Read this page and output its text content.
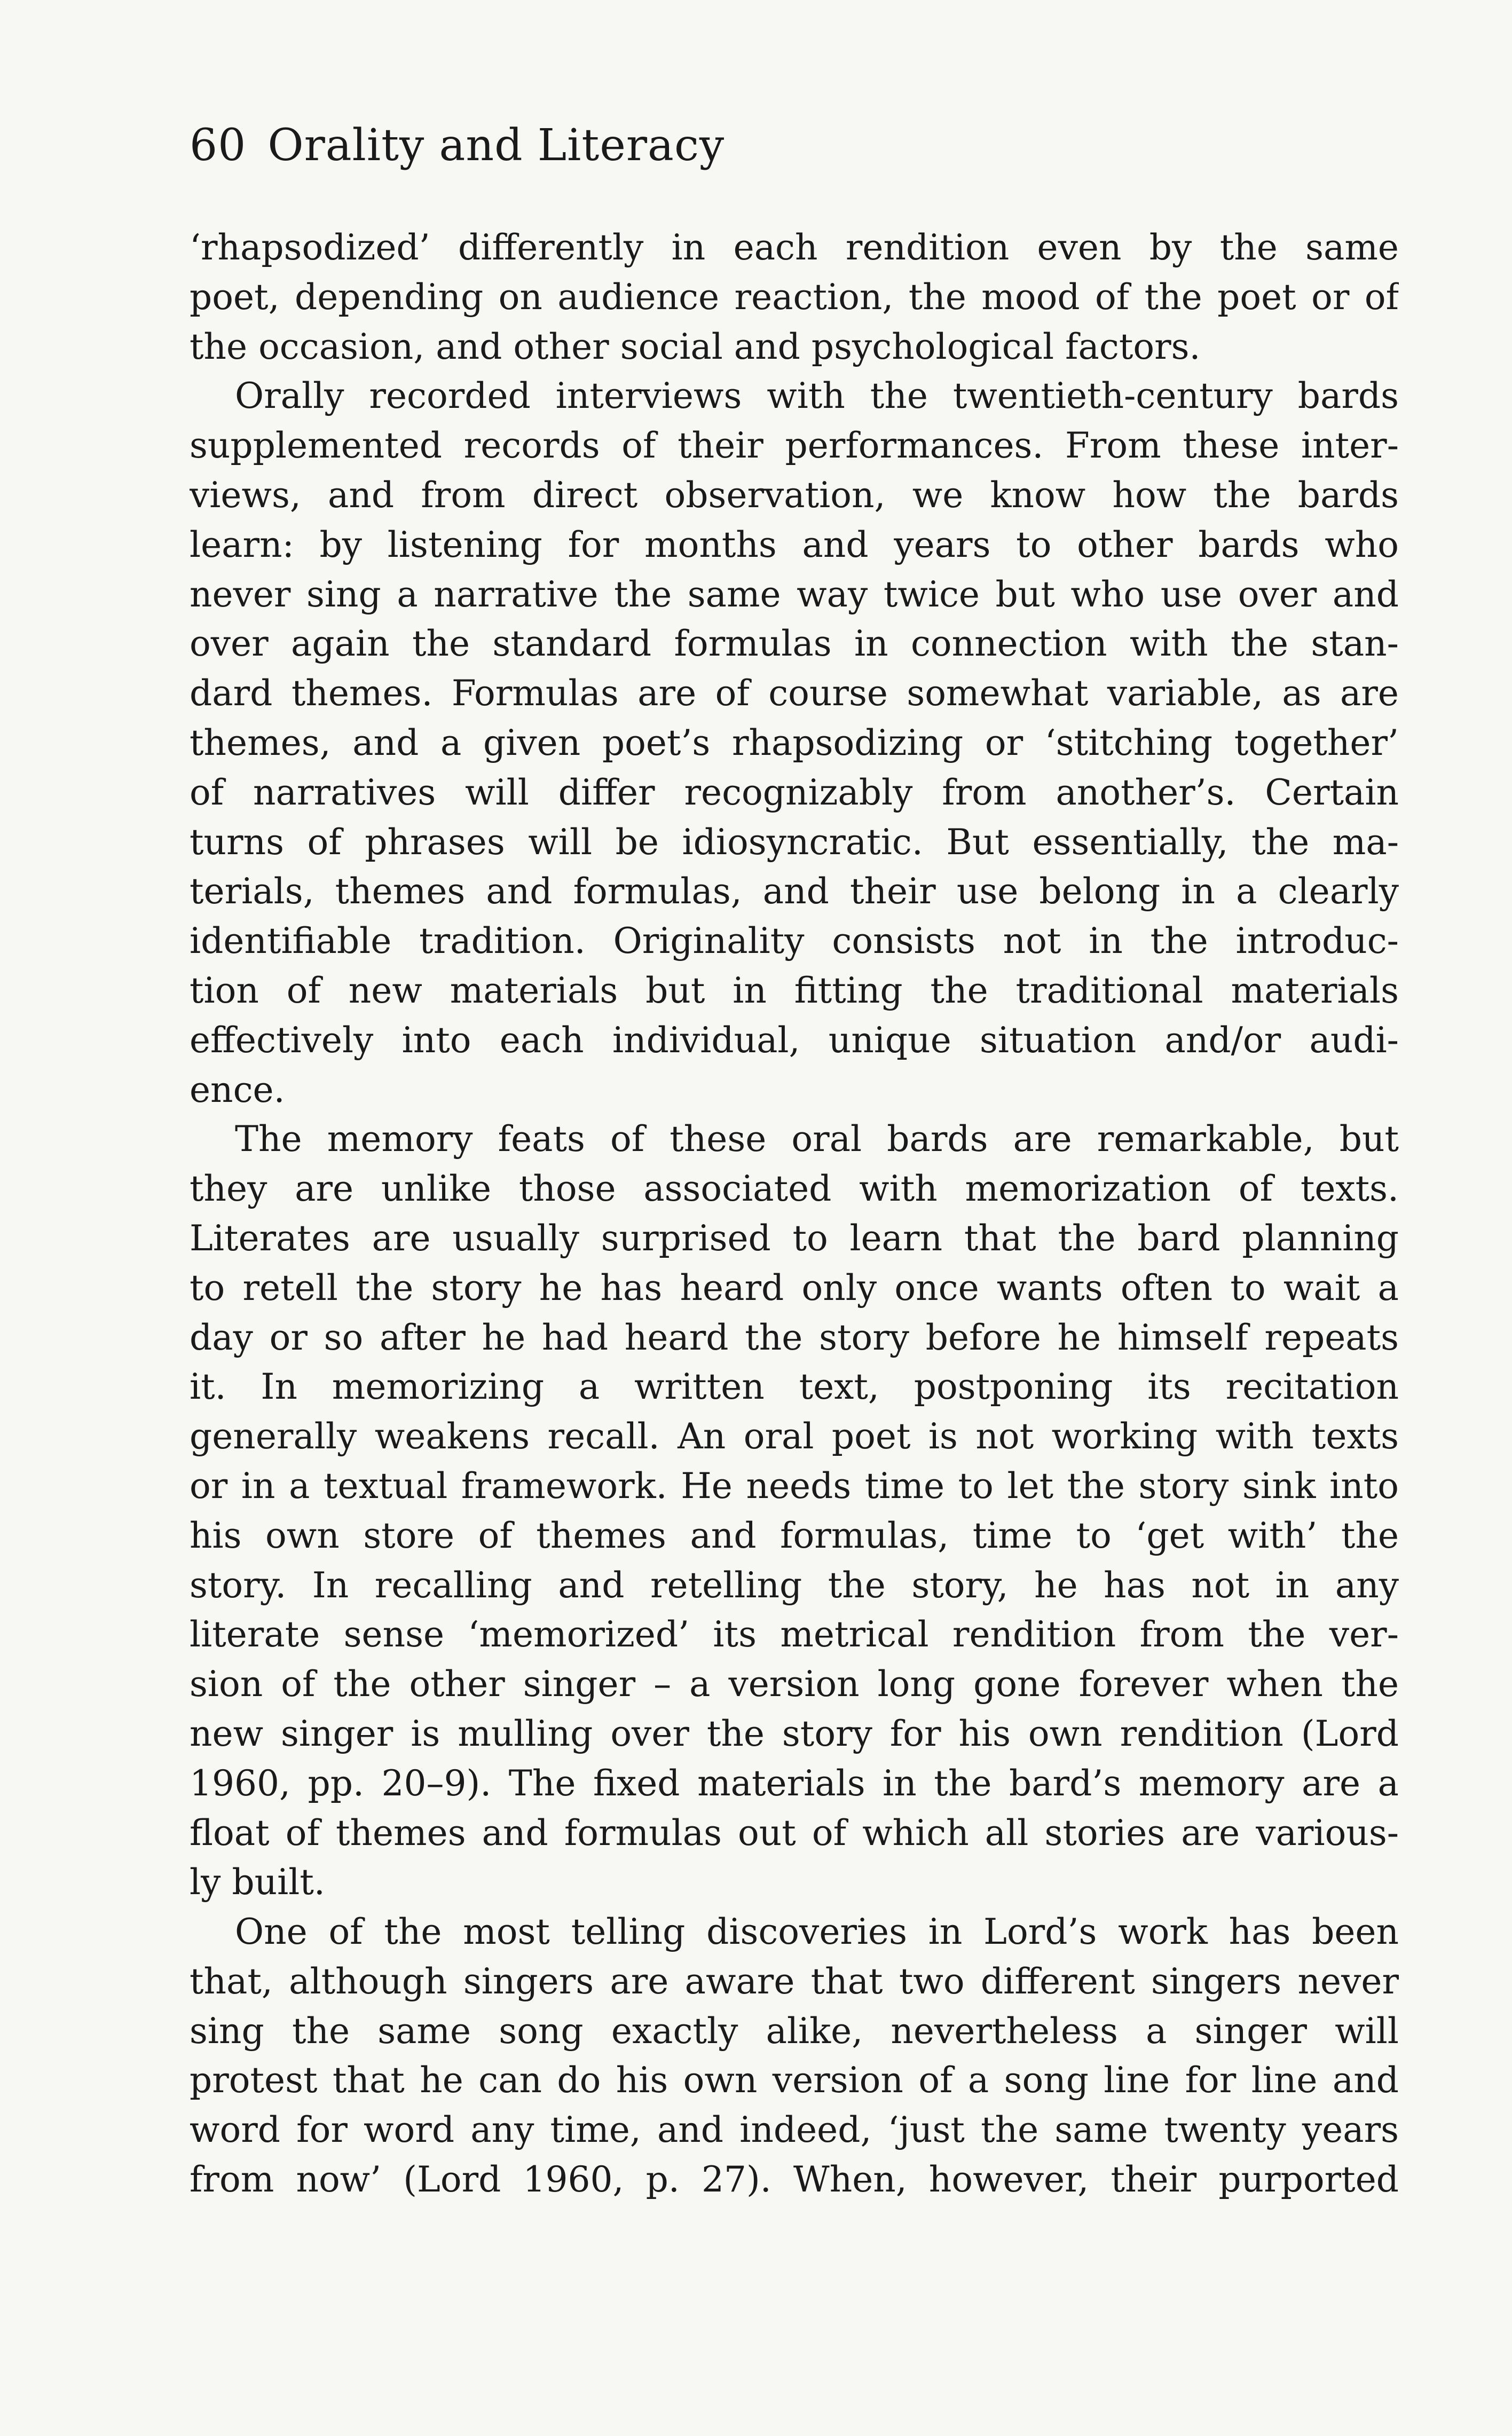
60 Orality and Literacy
‘rhapsodized’ differently in each rendition even by the same
poet, depending on audience reaction, the mood of the poet or of
the occasion, and other social and psychological factors.
Orally recorded interviews with the twentieth-century bards
supplemented records of their performances. From these inter-
views, and from direct observation, we know how the bards
learn: by listening for months and years to other bards who
never sing a narrative the same way twice but who use over and
over again the standard formulas in connection with the stan-
dard themes. Formulas are of course somewhat variable, as are
themes, and a given poet’s rhapsodizing or ‘stitching together’
of narratives will differ recognizably from another’s. Certain
turns of phrases will be idiosyncratic. But essentially, the ma-
terials, themes and formulas, and their use belong in a clearly
identifiable tradition. Originality consists not in the introduc-
tion of new materials but in fitting the traditional materials
effectively into each individual, unique situation and/or audi-
ence.
The memory feats of these oral bards are remarkable, but
they are unlike those associated with memorization of texts.
Literates are usually surprised to learn that the bard planning
to retell the story he has heard only once wants often to wait a
day or so after he had heard the story before he himself repeats
it. In memorizing a written text, postponing its recitation
generally weakens recall. An oral poet is not working with texts
or in a textual framework. He needs time to let the story sink into
his own store of themes and formulas, time to ‘get with’ the
story. In recalling and retelling the story, he has not in any
literate sense ‘memorized’ its metrical rendition from the ver-
sion of the other singer – a version long gone forever when the
new singer is mulling over the story for his own rendition (Lord
1960, pp. 20–9). The fixed materials in the bard’s memory are a
float of themes and formulas out of which all stories are various-
ly built.
One of the most telling discoveries in Lord’s work has been
that, although singers are aware that two different singers never
sing the same song exactly alike, nevertheless a singer will
protest that he can do his own version of a song line for line and
word for word any time, and indeed, ‘just the same twenty years
from now’ (Lord 1960, p. 27). When, however, their purported
